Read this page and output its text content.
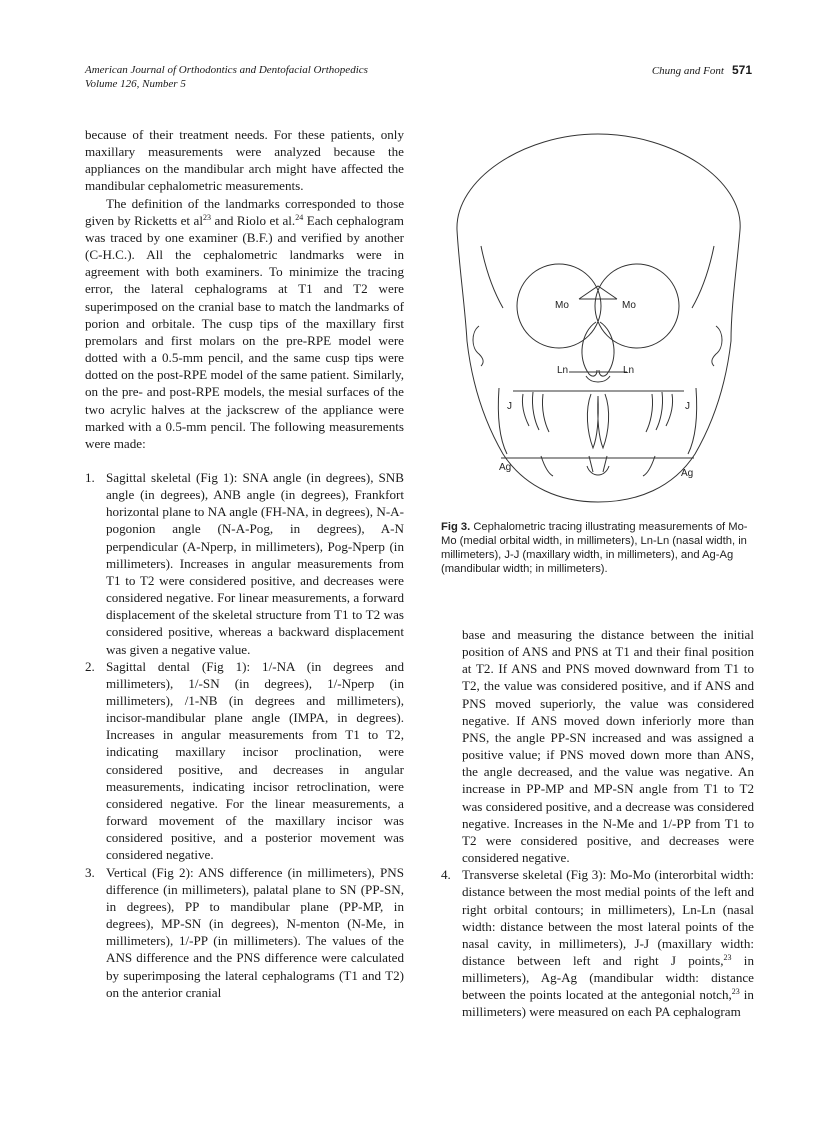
American Journal of Orthodontics and Dentofacial Orthopedics
Volume 126, Number 5
Chung and Font 571

because of their treatment needs. For these patients, only maxillary measurements were analyzed because the appliances on the mandibular arch might have affected the mandibular cephalometric measurements.

The definition of the landmarks corresponded to those given by Ricketts et $al^{23}$ and Riolo et al.$^{24}$ Each cephalogram was traced by one examiner (B.F.) and verified by another (C-H.C.). All the cephalometric landmarks were in agreement with both examiners. To minimize the tracing error, the lateral cephalograms at T1 and T2 were superimposed on the cranial base to match the landmarks of porion and orbitale. The cusp tips of the maxillary first premolars and first molars on the pre-RPE model were dotted with a 0.5-mm pencil, and the same cusp tips were dotted on the post-RPE model of the same patient. Similarly, on the pre- and post-RPE models, the mesial surfaces of the two acrylic halves at the jackscrew of the appliance were marked with a 0.5-mm pencil. The following measurements were made:

1. Sagittal skeletal (Fig 1): SNA angle (in degrees), SNB angle (in degrees), ANB angle (in degrees), Frankfort horizontal plane to NA angle (FH-NA, in degrees), N-A-pogonion angle (N-A-Pog, in degrees), A-N perpendicular (A-Nperp, in millimeters), Pog-Nperp (in millimeters). Increases in angular measurements from T1 to T2 were considered positive, and decreases were considered negative. For linear measurements, a forward displacement of the skeletal structure from T1 to T2 was considered positive, whereas a backward displacement was given a negative value.
2. Sagittal dental (Fig 1): 1/-NA (in degrees and millimeters), 1/-SN (in degrees), 1/-Nperp (in millimeters), /1-NB (in degrees and millimeters), incisor-mandibular plane angle (IMPA, in degrees). Increases in angular measurements from T1 to T2, indicating maxillary incisor proclination, were considered positive, and decreases in angular measurements, indicating incisor retroclination, were considered negative. For the linear measurements, a forward movement of the maxillary incisor was considered positive, and a posterior movement was considered negative.
3. Vertical (Fig 2): ANS difference (in millimeters), PNS difference (in millimeters), palatal plane to SN (PP-SN, in degrees), PP to mandibular plane (PP-MP, in degrees), MP-SN (in degrees), N-menton (N-Me, in millimeters), 1/-PP (in millimeters). The values of the ANS difference and the PNS difference were calculated by superimposing the lateral cephalograms (T1 and T2) on the anterior cranial
Mo	Mo
Ln	Ln
J	J
Ag
Ag
Fig 3. Cephalometric tracing illustrating measurements of Mo-Mo (medial orbital width, in millimeters), Ln-Ln (nasal width, in millimeters), J-J (maxillary width, in millimeters), and Ag-Ag (mandibular width; in millimeters).

base and measuring the distance between the initial position of ANS and PNS at T1 and their final position at T2. If ANS and PNS moved downward from T1 to T2, the value was considered positive, and if ANS and PNS moved superiorly, the value was considered negative. If ANS moved down inferiorly more than PNS, the angle PP-SN increased and was assigned a positive value; if PNS moved down more than ANS, the angle decreased, and the value was negative. An increase in PP-MP and MP-SN angle from T1 to T2 was considered positive, and a decrease was considered negative. Increases in the N-Me and 1/-PP from T1 to T2 were considered positive, and decreases were considered negative.

4. Transverse skeletal (Fig 3): Mo-Mo (interorbital width: distance between the most medial points of the left and right orbital contours; in millimeters), Ln-Ln (nasal width: distance between the most lateral points of the nasal cavity, in millimeters), J-J (maxillary width: distance between left and right J points,$^{23}$ in millimeters), Ag-Ag (mandibular width: distance between the points located at the antegonial notch,$^{23}$ in millimeters) were measured on each PA cephalogram
